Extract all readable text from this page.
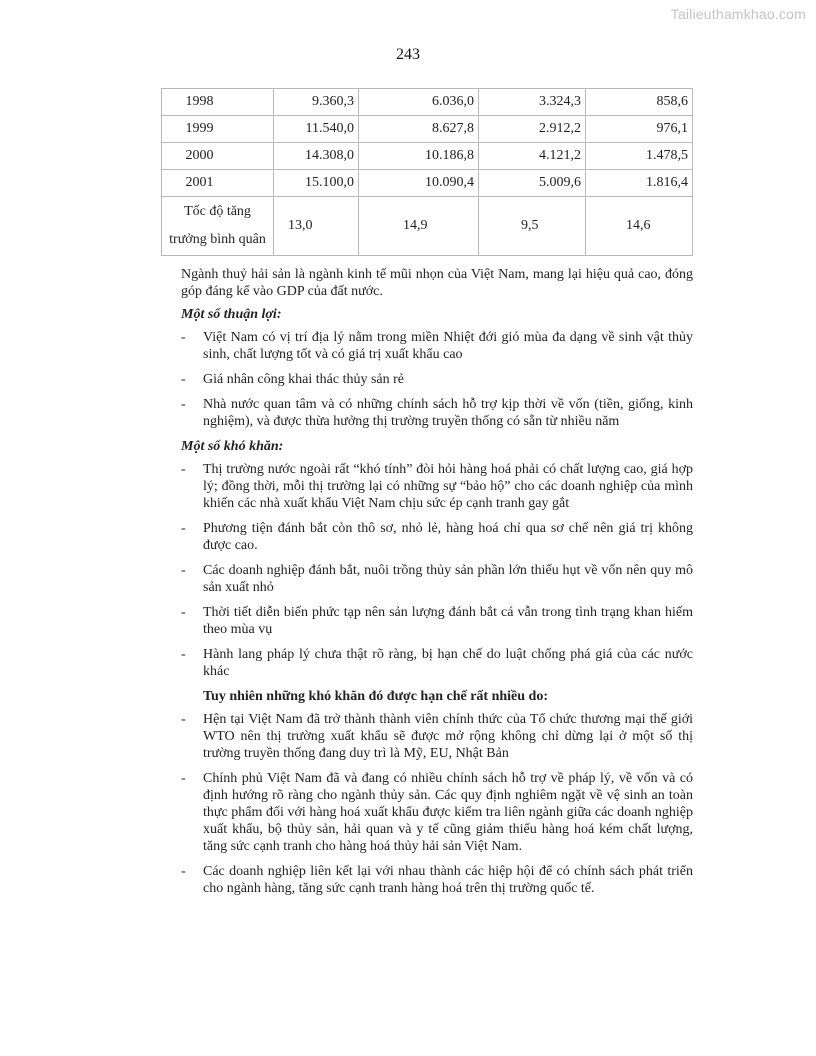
Tailieuthamkhao.com
243
1998	9.360,3	6.036,0	3.324,3	858,6
1999	11.540,0	8.627,8	2.912,2	976,1
2000	14.308,0	10.186,8	4.121,2	1.478,5
2001	15.100,0	10.090,4	5.009,6	1.816,4

Tốc độ tăng
trưởng bình quân	13,0	14,9	9,5	14,6

Ngành thuỷ hải sản là ngành kinh tế mũi nhọn của Việt Nam, mang lại hiệu quả cao, đóng góp đáng kể vào GDP của đất nước.

Một số thuận lợi:

- Việt Nam có vị trí địa lý nằm trong miền Nhiệt đới gió mùa đa dạng về sinh vật thủy sinh, chất lượng tốt và có giá trị xuất khẩu cao
- Giá nhân công khai thác thủy sản rẻ
- Nhà nước quan tâm và có những chính sách hỗ trợ kịp thời về vốn (tiền, giống, kinh nghiệm), và được thừa hưởng thị trường truyền thống có sẵn từ nhiều năm

Một số khó khăn:

- Thị trường nước ngoài rất “khó tính” đòi hỏi hàng hoá phải có chất lượng cao, giá hợp lý; đồng thời, mỗi thị trường lại có những sự “bảo hộ” cho các doanh nghiệp của mình khiến các nhà xuất khẩu Việt Nam chịu sức ép cạnh tranh gay gắt
- Phương tiện đánh bắt còn thô sơ, nhỏ lẻ, hàng hoá chỉ qua sơ chế nên giá trị không được cao.
- Các doanh nghiệp đánh bắt, nuôi trồng thủy sản phần lớn thiếu hụt về vốn nên quy mô sản xuất nhỏ
- Thời tiết diễn biến phức tạp nên sản lượng đánh bắt cá vẫn trong tình trạng khan hiếm theo mùa vụ
- Hành lang pháp lý chưa thật rõ ràng, bị hạn chế do luật chống phá giá của các nước khác

Tuy nhiên những khó khăn đó được hạn chế rất nhiều do:

- Hện tại Việt Nam đã trở thành thành viên chính thức của Tổ chức thương mại thế giới WTO nên thị trường xuất khẩu sẽ được mở rộng không chỉ dừng lại ở một số thị trường truyền thống đang duy trì là Mỹ, EU, Nhật Bản
- Chính phủ Việt Nam đã và đang có nhiều chính sách hỗ trợ về pháp lý, về vốn và có định hướng rõ ràng cho ngành thủy sản. Các quy định nghiêm ngặt về vệ sinh an toàn thực phẩm đối với hàng hoá xuất khẩu được kiểm tra liên ngành giữa các doanh nghiệp xuất khẩu, bộ thủy sản, hải quan và y tế cũng giảm thiểu hàng hoá kém chất lượng, tăng sức cạnh tranh cho hàng hoá thủy hải sản Việt Nam.
- Các doanh nghiệp liên kết lại với nhau thành các hiệp hội để có chính sách phát triển cho ngành hàng, tăng sức cạnh tranh hàng hoá trên thị trường quốc tế.
